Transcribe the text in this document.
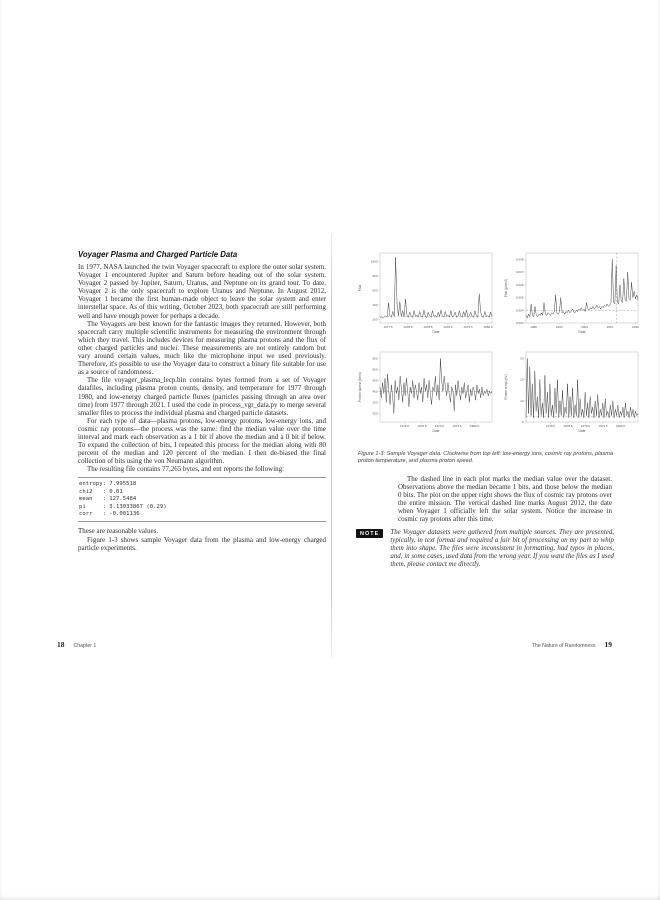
Voyager Plasma and Charged Particle Data

In 1977, NASA launched the twin Voyager spacecraft to explore the outer solar system. Voyager 1 encountered Jupiter and Saturn before heading out of the solar system. Voyager 2 passed by Jupiter, Saturn, Uranus, and Neptune on its grand tour. To date, Voyager 2 is the only spacecraft to explore Uranus and Neptune. In August 2012, Voyager 1 became the first human-made object to leave the solar system and enter interstellar space. As of this writing, October 2023, both spacecraft are still performing well and have enough power for perhaps a decade.

The Voyagers are best known for the fantastic images they returned. However, both spacecraft carry multiple scientific instruments for measuring the environment through which they travel. This includes devices for measuring plasma protons and the flux of other charged particles and nuclei. These measurements are not entirely random but vary around certain values, much like the microphone input we used previously. Therefore, it's possible to use the Voyager data to construct a binary file suitable for use as a source of randomness.

The file voyager_plasma_lecp.bin contains bytes formed from a set of Voyager datafiles, including plasma proton counts, density, and temperature for 1977 through 1980, and low-energy charged particle fluxes (particles passing through an area over time) from 1977 through 2021. I used the code in process_vgr_data.py to merge several smaller files to process the individual plasma and charged particle datasets.

For each type of data—plasma protons, low-energy protons, low-energy ions, and cosmic ray protons—the process was the same: find the median value over the time interval and mark each observation as a 1 bit if above the median and a 0 bit if below. To expand the collection of bits, I repeated this process for the median along with 80 percent of the median and 120 percent of the median. I then de-biased the final collection of bits using the von Neumann algorithm.

The resulting file contains 77,265 bytes, and ent reports the following:

entropy: 7.995518
chi2   : 0.01
mean   : 127.5484
pi     : 3.13033867 (0.29)
corr   : -0.001136

These are reasonable values.

Figure 1-3 shows sample Voyager data from the plasma and low-energy charged particle experiments.

18 Chapter 1
200
400
600
800
1000
1977.5	1978.0	1978.5	1979.0	1979.5	1980.0
Date
Flux
0.003
0.004
0.005
0.006
0.007
0.008
1980	1990	2000	2010	2020
Date
Flux (p/cm2)
300
350
400
450
500
550
1978.0	1978.5	1979.0	1979.5	1980.0
Date
Proton speed (km/s)
0
10
20
30
1978.0	1978.5	1979.0	1979.5	1980.0
Date
Proton temp (eV)
Figure 1-3: Sample Voyager data. Clockwise from top left: low-energy ions, cosmic ray protons, plasma proton temperature, and plasma proton speed.

The dashed line in each plot marks the median value over the dataset. Observations above the median became 1 bits, and those below the median 0 bits. The plot on the upper right shows the flux of cosmic ray protons over the entire mission. The vertical dashed line marks August 2012, the date when Voyager 1 officially left the solar system. Notice the increase in cosmic ray protons after this time.

NOTE	The Voyager datasets were gathered from multiple sources. They are presented, typically, in text format and required a fair bit of processing on my part to whip them into shape. The files were inconsistent in formatting, had typos in places, and, in some cases, used data from the wrong year. If you want the files as I used them, please contact me directly.
The Nature of Randomness 19
